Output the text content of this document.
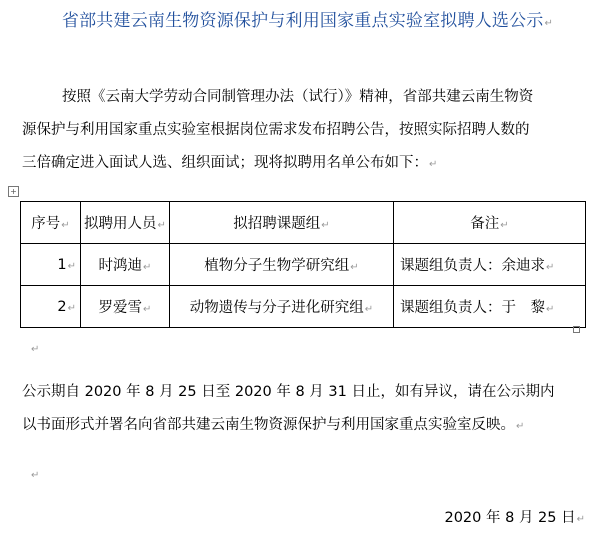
省部共建云南生物资源保护与利用国家重点实验室拟聘人选公示↵
按照《云南大学劳动合同制管理办法（试行）》精神，省部共建云南生物资
源保护与利用国家重点实验室根据岗位需求发布招聘公告，按照实际招聘人数的
三倍确定进入面试人选、组织面试；现将拟聘用名单公布如下：↵
+
序号↵	拟聘用人员↵	拟招聘课题组↵	备注↵
1↵	时鸿迪↵	植物分子生物学研究组↵	课题组负责人：余迪求↵
2↵	罗爱雪↵	动物遗传与分子进化研究组↵	课题组负责人：于　黎↵
↵
公示期自 2020 年 8 月 25 日至 2020 年 8 月 31 日止，如有异议，请在公示期内
以书面形式并署名向省部共建云南生物资源保护与利用国家重点实验室反映。↵
↵
2020 年 8 月 25 日↵
